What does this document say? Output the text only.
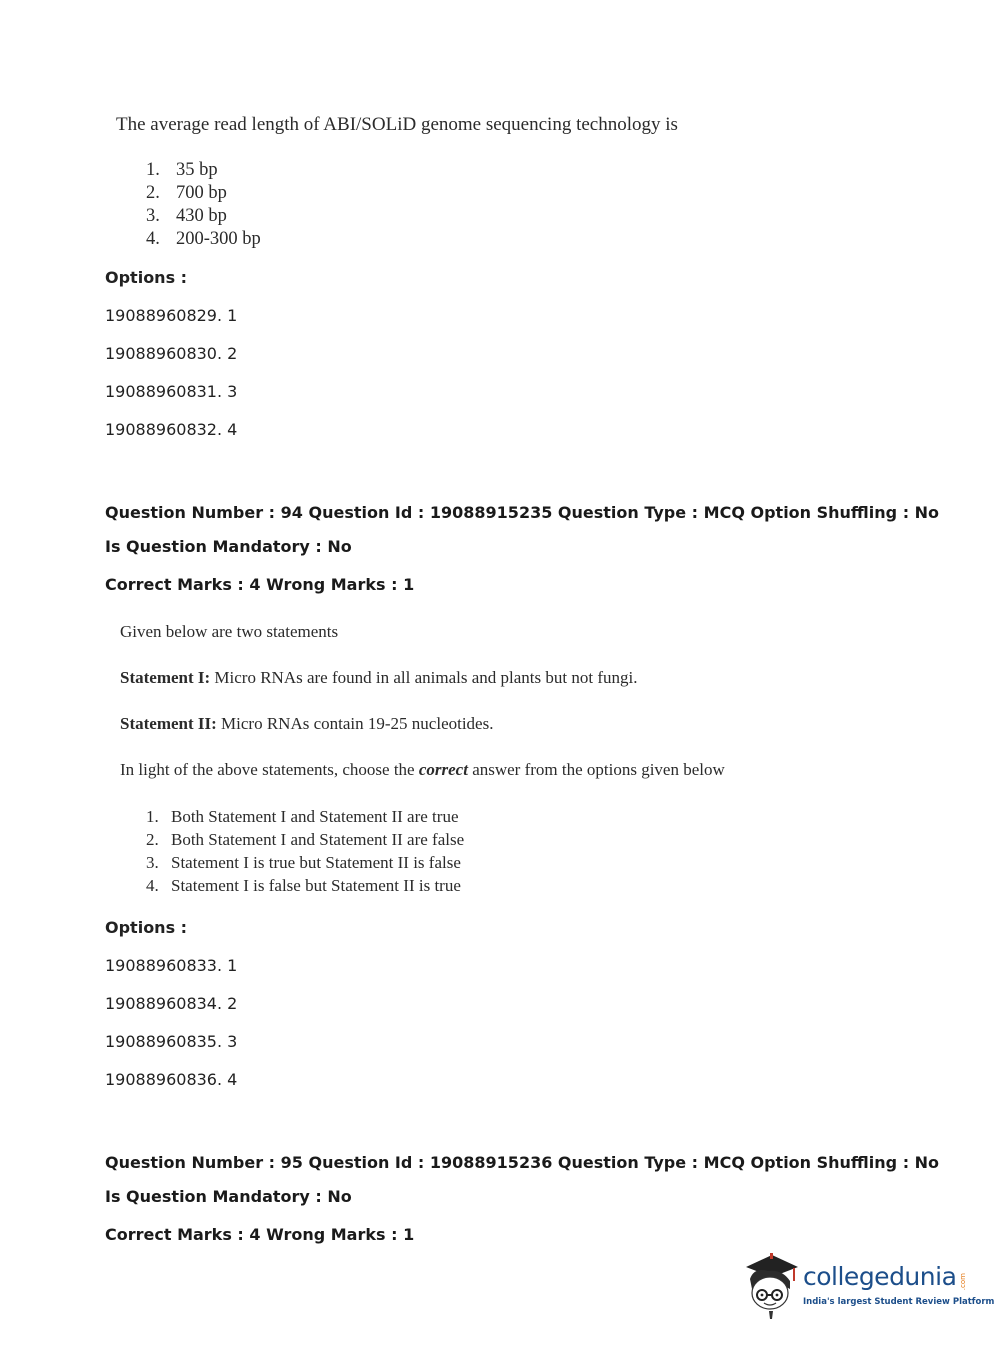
The average read length of ABI/SOLiD genome sequencing technology is
1. 35 bp
2. 700 bp
3. 430 bp
4. 200-300 bp
Options :
19088960829. 1
19088960830. 2
19088960831. 3
19088960832. 4
Question Number : 94 Question Id : 19088915235 Question Type : MCQ Option Shuffling : No
Is Question Mandatory : No
Correct Marks : 4 Wrong Marks : 1
Given below are two statements
Statement I: Micro RNAs are found in all animals and plants but not fungi.
Statement II: Micro RNAs contain 19-25 nucleotides.
In light of the above statements, choose the correct answer from the options given below
1. Both Statement I and Statement II are true
2. Both Statement I and Statement II are false
3. Statement I is true but Statement II is false
4. Statement I is false but Statement II is true
Options :
19088960833. 1
19088960834. 2
19088960835. 3
19088960836. 4
Question Number : 95 Question Id : 19088915236 Question Type : MCQ Option Shuffling : No
Is Question Mandatory : No
Correct Marks : 4 Wrong Marks : 1
collegedunia .com
India's largest Student Review Platform
